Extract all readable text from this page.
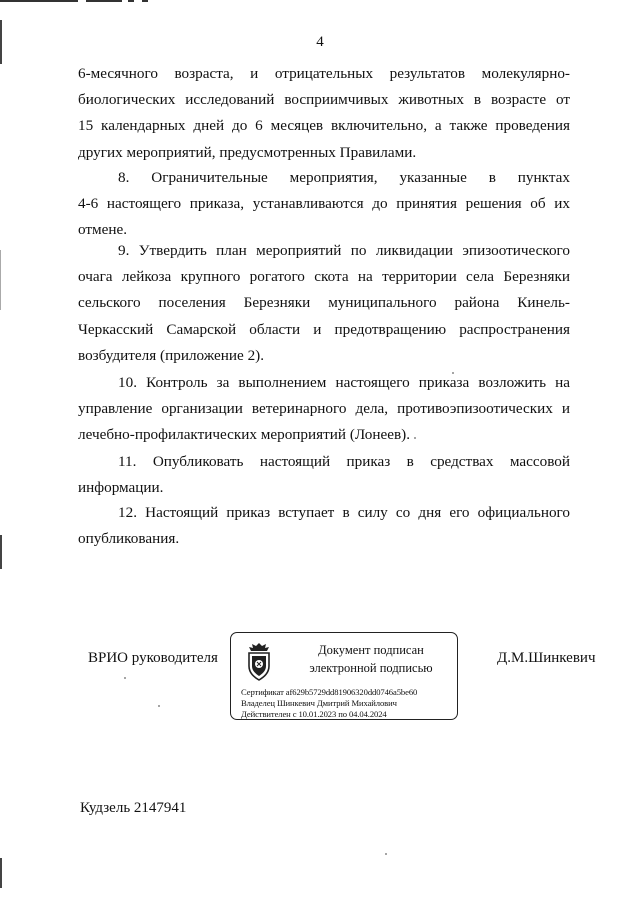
4
6-месячного возраста, и отрицательных результатов молекулярно-
биологических исследований восприимчивых животных в возрасте от
15 календарных дней до 6 месяцев включительно, а также проведения
других мероприятий, предусмотренных Правилами.
8. Ограничительные мероприятия, указанные в пунктах
4-6 настоящего приказа, устанавливаются до принятия решения об их
отмене.
9. Утвердить план мероприятий по ликвидации эпизоотического
очага лейкоза крупного рогатого скота на территории села Березняки
сельского поселения Березняки муниципального района Кинель-
Черкасский Самарской области и предотвращению распространения
возбудителя (приложение 2).
10. Контроль за выполнением настоящего приказа возложить на
управление организации ветеринарного дела, противоэпизоотических и
лечебно-профилактических мероприятий (Лонеев).
11. Опубликовать настоящий приказ в средствах массовой
информации.
12. Настоящий приказ вступает в силу со дня его официального
опубликования.
ВРИО руководителя	Документ подписан
электронной подписью
Сертификат af629b5729dd81906320dd0746a5be60
Владелец Шинкевич Дмитрий Михайлович
Действителен с 10.01.2023 по 04.04.2024
Д.М.Шинкевич
Кудзель 2147941
